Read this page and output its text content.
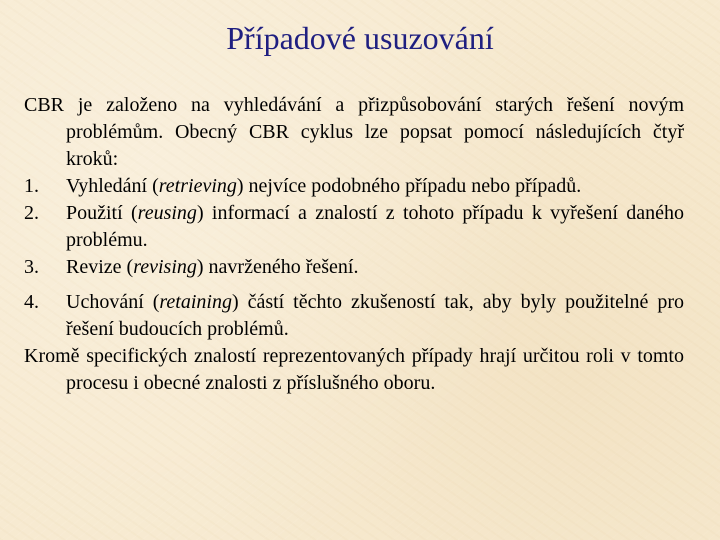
Případové usuzování

CBR je založeno na vyhledávání a přizpůsobování starých řešení novým problémům. Obecný CBR cyklus lze popsat pomocí následujících čtyř kroků:

1. Vyhledání (retrieving) nejvíce podobného případu nebo případů.

2. Použití (reusing) informací a znalostí z tohoto případu k vyřešení daného problému.

3. Revize (revising) navrženého řešení.

4. Uchování (retaining) částí těchto zkušeností tak, aby byly použitelné pro řešení budoucích problémů.

Kromě specifických znalostí reprezentovaných případy hrají určitou roli v tomto procesu i obecné znalosti z příslušného oboru.
